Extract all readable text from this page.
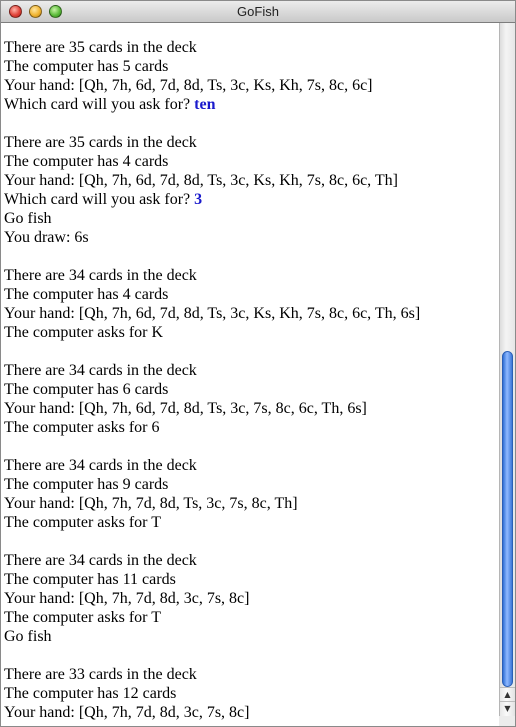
GoFish
There are 35 cards in the deck
The computer has 5 cards
Your hand: [Qh, 7h, 6d, 7d, 8d, Ts, 3c, Ks, Kh, 7s, 8c, 6c]
Which card will you ask for? ten
There are 35 cards in the deck
The computer has 4 cards
Your hand: [Qh, 7h, 6d, 7d, 8d, Ts, 3c, Ks, Kh, 7s, 8c, 6c, Th]
Which card will you ask for? 3
Go fish
You draw: 6s
There are 34 cards in the deck
The computer has 4 cards
Your hand: [Qh, 7h, 6d, 7d, 8d, Ts, 3c, Ks, Kh, 7s, 8c, 6c, Th, 6s]
The computer asks for K
There are 34 cards in the deck
The computer has 6 cards
Your hand: [Qh, 7h, 6d, 7d, 8d, Ts, 3c, 7s, 8c, 6c, Th, 6s]
The computer asks for 6
There are 34 cards in the deck
The computer has 9 cards
Your hand: [Qh, 7h, 7d, 8d, Ts, 3c, 7s, 8c, Th]
The computer asks for T
There are 34 cards in the deck
The computer has 11 cards
Your hand: [Qh, 7h, 7d, 8d, 3c, 7s, 8c]
The computer asks for T
Go fish
There are 33 cards in the deck
The computer has 12 cards
Your hand: [Qh, 7h, 7d, 8d, 3c, 7s, 8c]
▲
▼
